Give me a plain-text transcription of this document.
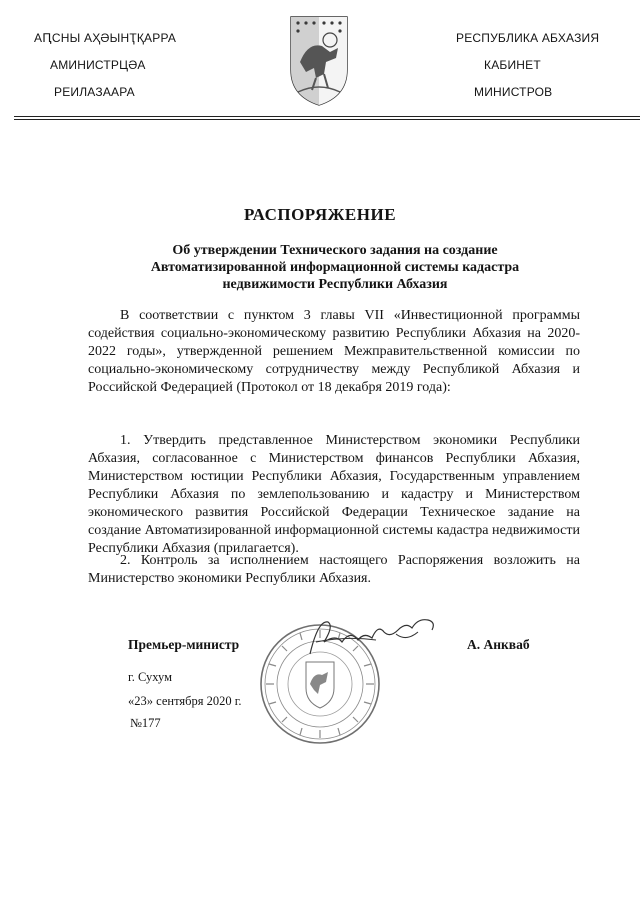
АԤСНЫ АҲӘЫНҬҚАРРА
АМИНИСТРЦӘА
РЕИЛАЗААРА
РЕСПУБЛИКА АБХАЗИЯ
КАБИНЕТ
МИНИСТРОВ
РАСПОРЯЖЕНИЕ
Об утверждении Технического задания на создание
Автоматизированной информационной системы кадастра
недвижимости Республики Абхазия

В соответствии с пунктом 3 главы VII «Инвестиционной программы содействия социально-экономическому развитию Республики Абхазия на 2020-2022 годы», утвержденной решением Межправительственной комиссии по социально-экономическому сотрудничеству между Республикой Абхазия и Российской Федерацией (Протокол от 18 декабря 2019 года):

1. Утвердить представленное Министерством экономики Республики Абхазия, согласованное с Министерством финансов Республики Абхазия, Министерством юстиции Республики Абхазия, Государственным управлением Республики Абхазия по землепользованию и кадастру и Министерством экономического развития Российской Федерации Техническое задание на создание Автоматизированной информационной системы кадастра недвижимости Республики Абхазия (прилагается).

2. Контроль за исполнением настоящего Распоряжения возложить на Министерство экономики Республики Абхазия.

Премьер-министр	А. Анкваб
г. Сухум
«23» сентября 2020 г.
№177
